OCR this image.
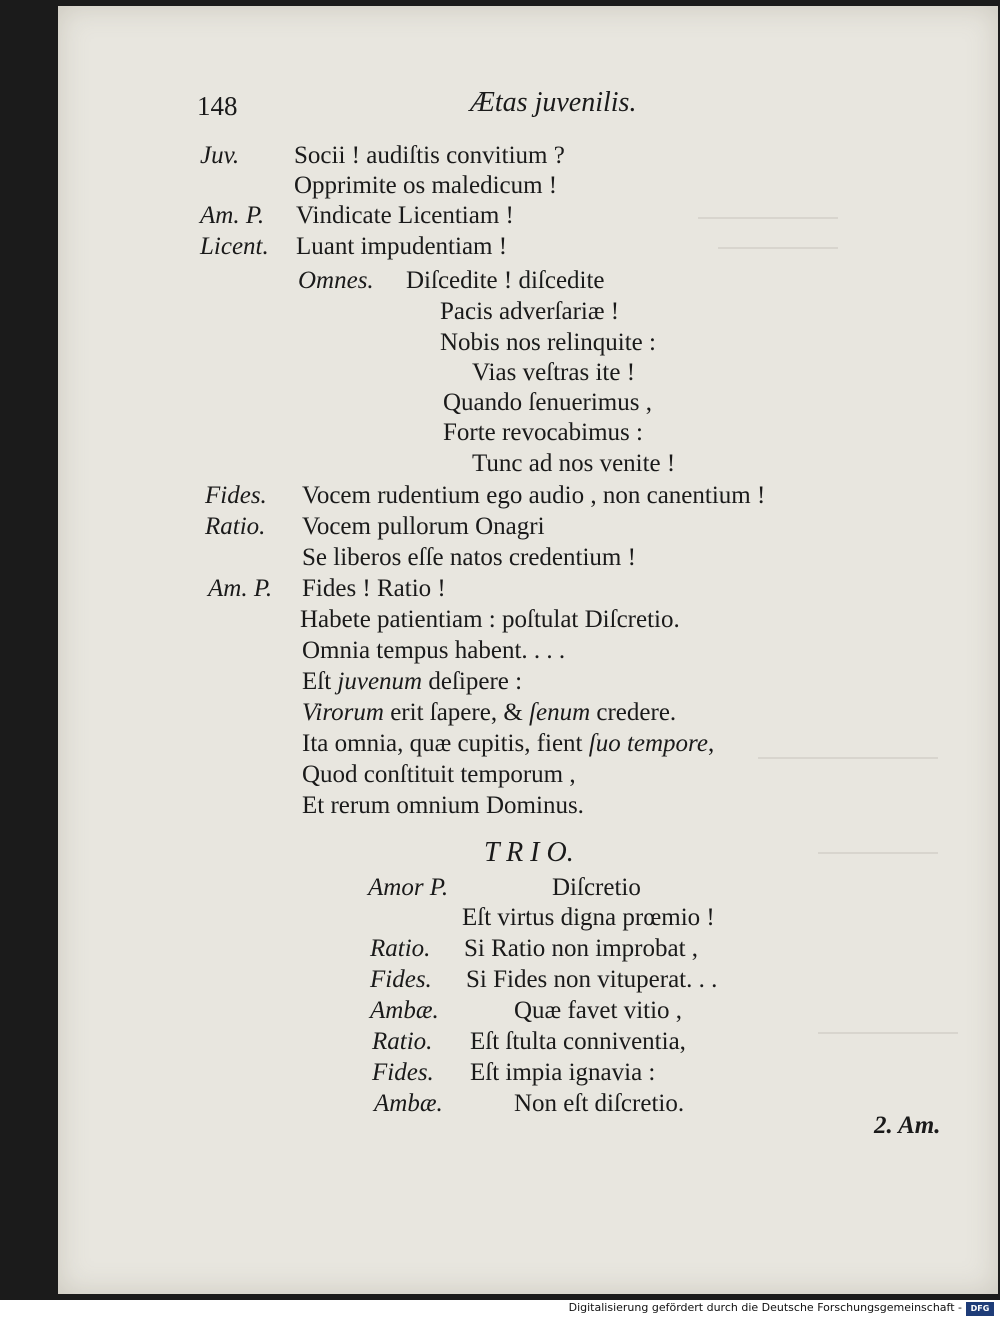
148	Ætas juvenilis.
Juv. Socii ! audiſtis convitium ?
Opprimite os maledicum !
Am. P. Vindicate Licentiam !
Licent. Luant impudentiam !
Omnes. Diſcedite ! diſcedite
Pacis adverſariæ !
Nobis nos relinquite :
Vias veſtras ite !
Quando ſenuerimus ,
Forte revocabimus :
Tunc ad nos venite !
Fides. Vocem rudentium ego audio , non canentium !
Ratio. Vocem pullorum Onagri
Se liberos eſſe natos credentium !
Am. P. Fides ! Ratio !
Habete patientiam : poſtulat Diſcretio.
Omnia tempus habent. . . .
Eſt juvenum deſipere :
Virorum erit ſapere, & ſenum credere.
Ita omnia, quæ cupitis, fient ſuo tempore,
Quod conſtituit temporum ,
Et rerum omnium Dominus.
T R I O.
Amor P.	Diſcretio
Eſt virtus digna prœmio !
Ratio. Si Ratio non improbat ,
Fides. Si Fides non vituperat. . .
Ambæ.	Quæ favet vitio ,
Ratio. Eſt ſtulta conniventia,
Fides. Eſt impia ignavia :
Ambæ.	Non eſt diſcretio.
2. Am.
Digitalisierung gefördert durch die Deutsche Forschungsgemeinschaft -	DFG
